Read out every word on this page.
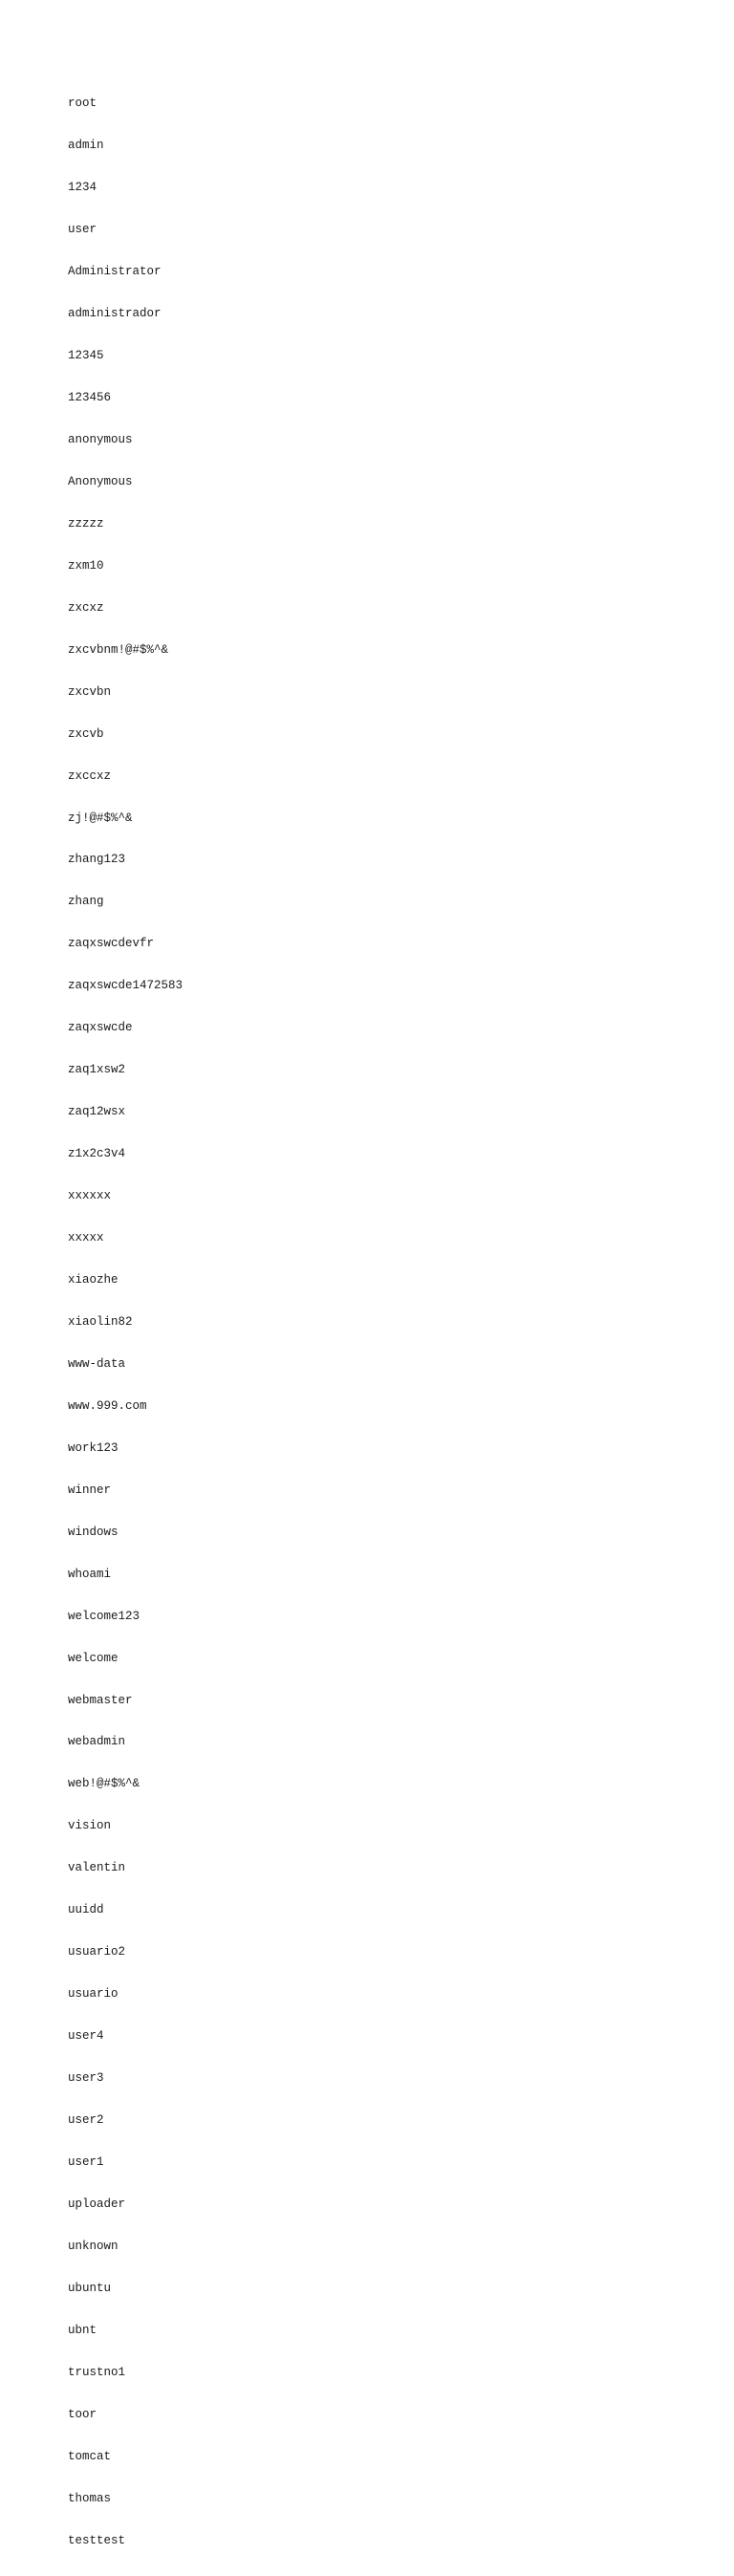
root

admin

1234

user

Administrator

administrador

12345

123456

anonymous

Anonymous

zzzzz

zxm10

zxcxz

zxcvbnm!@#$%^&

zxcvbn

zxcvb

zxccxz

zj!@#$%^&

zhang123

zhang

zaqxswcdevfr

zaqxswcde1472583

zaqxswcde

zaq1xsw2

zaq12wsx

z1x2c3v4

xxxxxx

xxxxx

xiaozhe

xiaolin82

www-data

www.999.com

work123

winner

windows

whoami

welcome123

welcome

webmaster

webadmin

web!@#$%^&

vision

valentin

uuidd

usuario2

usuario

user4

user3

user2

user1

uploader

unknown

ubuntu

ubnt

trustno1

toor

tomcat

thomas

testtest
